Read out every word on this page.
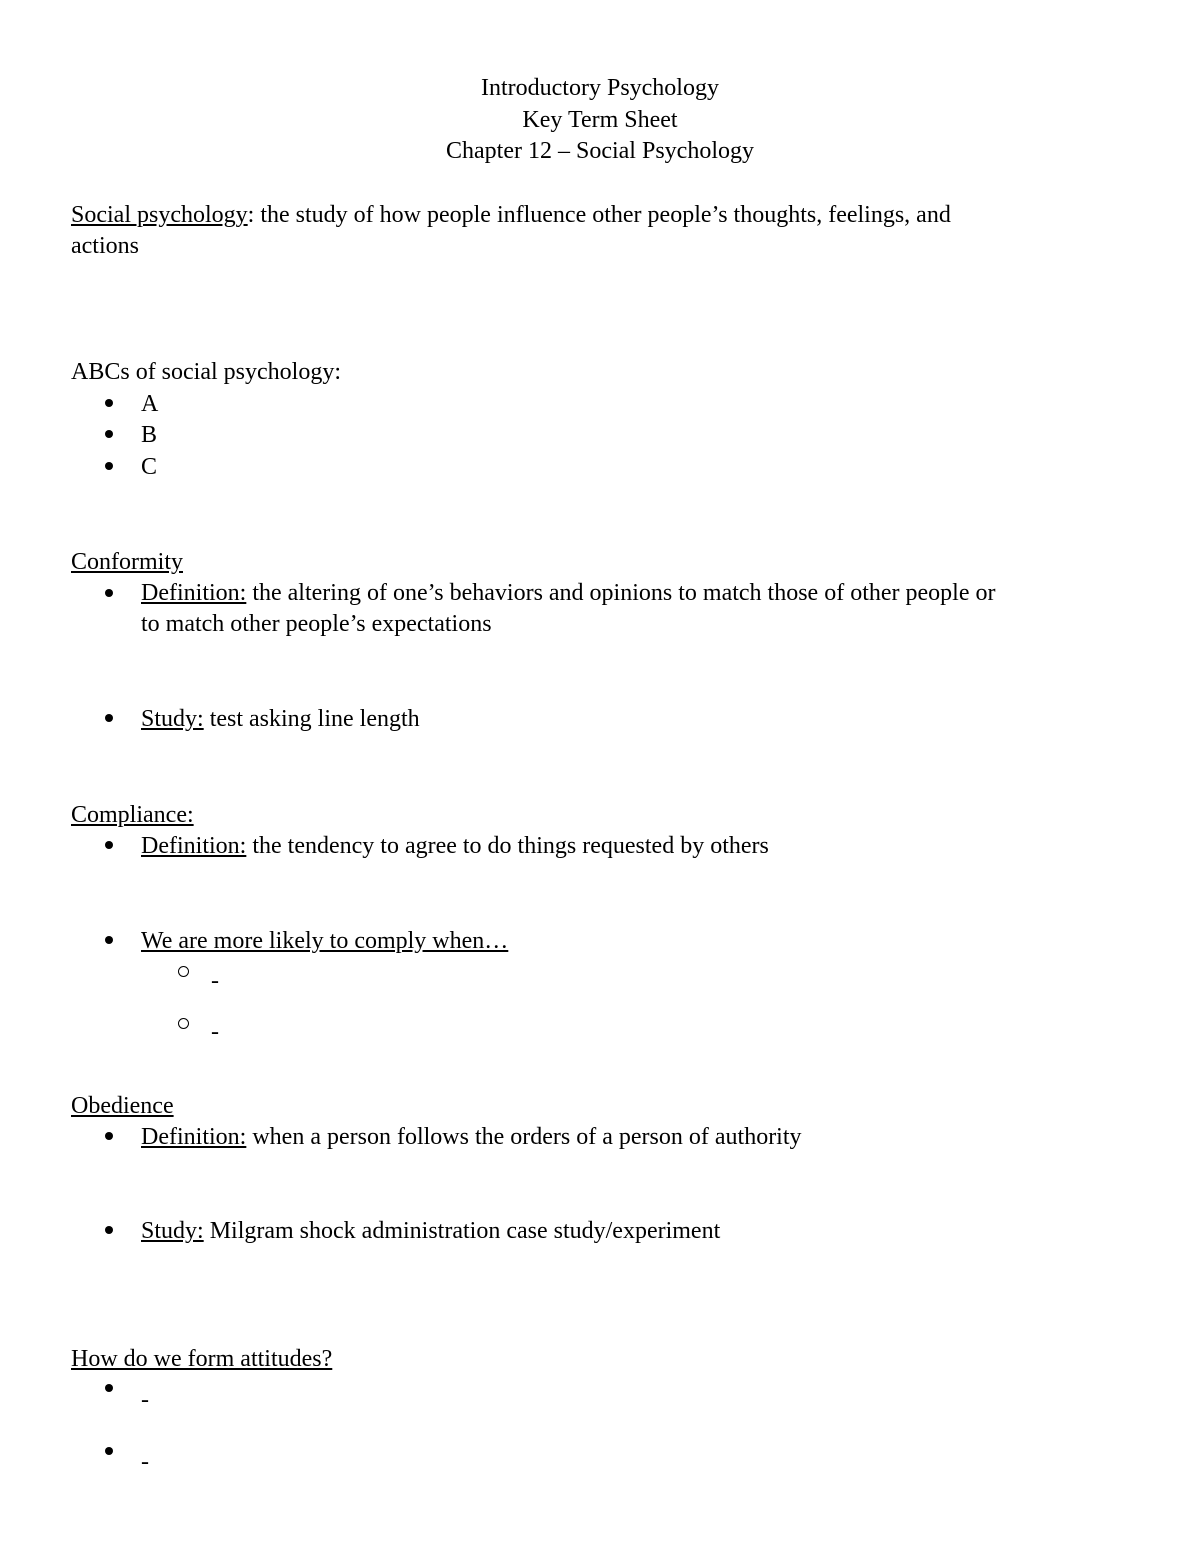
Introductory Psychology
Key Term Sheet
Chapter 12 – Social Psychology
Social psychology: the study of how people influence other people’s thoughts, feelings, and
actions
ABCs of social psychology:
A
B
C
Conformity
Definition: the altering of one’s behaviors and opinions to match those of other people or
to match other people’s expectations
Study: test asking line length
Compliance:
Definition: the tendency to agree to do things requested by others
We are more likely to comply when…
-
-
Obedience
Definition: when a person follows the orders of a person of authority
Study: Milgram shock administration case study/experiment
How do we form attitudes?
-
-
